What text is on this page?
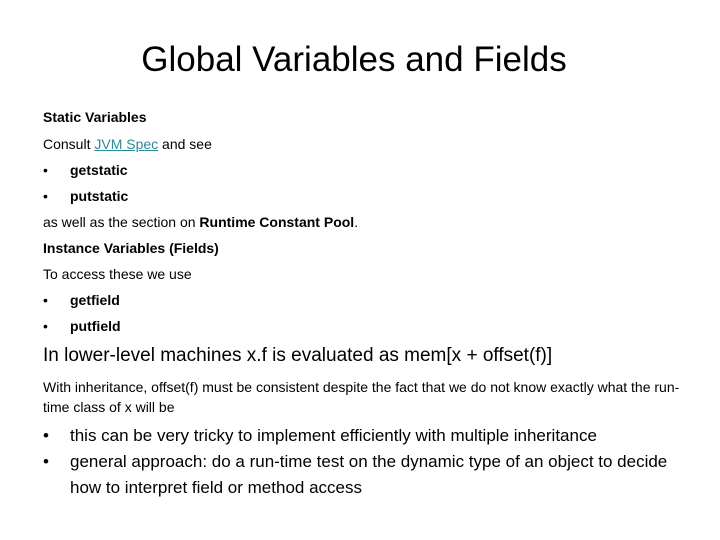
Global Variables and Fields
Static Variables
Consult JVM Spec and see
• getstatic
• putstatic
as well as the section on Runtime Constant Pool.
Instance Variables (Fields)
To access these we use
• getfield
• putfield
In lower-level machines x.f is evaluated as mem[x + offset(f)]
With inheritance, offset(f) must be consistent despite the fact that we do not know exactly what the run-time class of x will be
•	this can be very tricky to implement efficiently with multiple inheritance
•	general approach: do a run-time test on the dynamic type of an object to decide how to interpret field or method access
